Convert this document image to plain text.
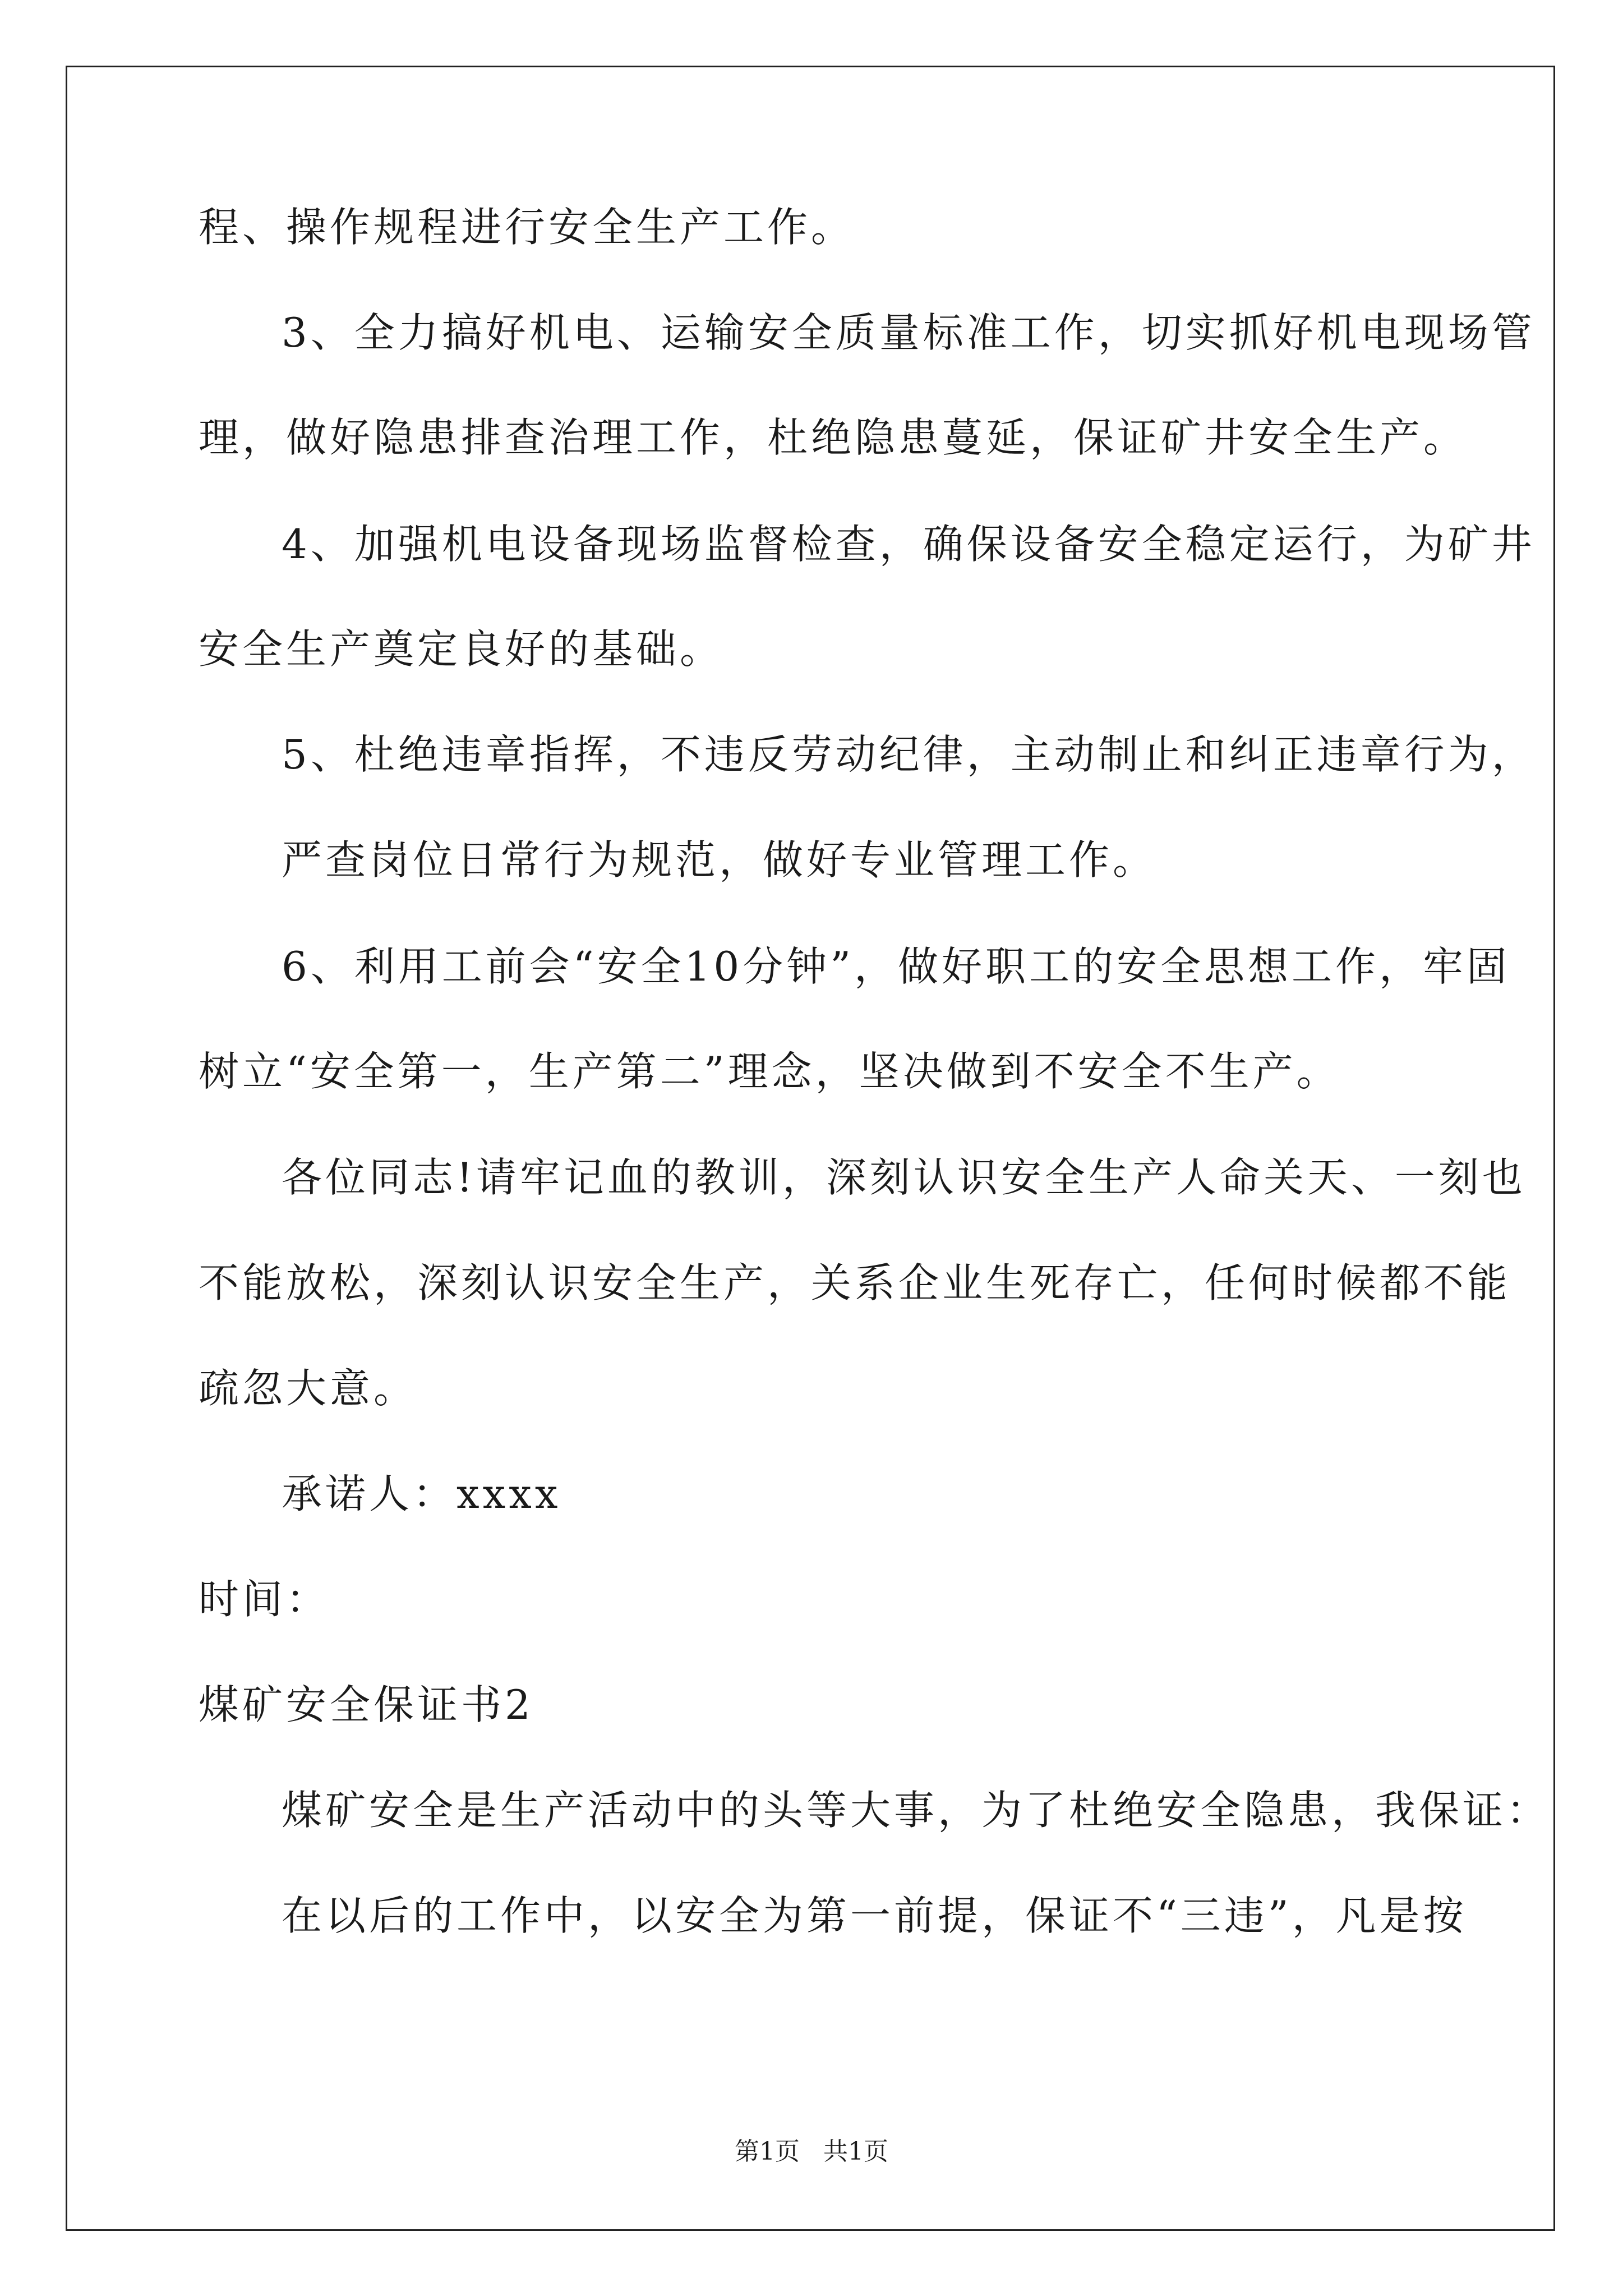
程、操作规程进行安全生产工作。
3、全力搞好机电、运输安全质量标准工作，切实抓好机电现场管
理，做好隐患排查治理工作，杜绝隐患蔓延，保证矿井安全生产。
4、加强机电设备现场监督检查，确保设备安全稳定运行，为矿井
安全生产奠定良好的基础。
5、杜绝违章指挥，不违反劳动纪律，主动制止和纠正违章行为，
严查岗位日常行为规范，做好专业管理工作。
6、利用工前会“安全10分钟”，做好职工的安全思想工作，牢固
树立“安全第一，生产第二”理念，坚决做到不安全不生产。
各位同志!请牢记血的教训，深刻认识安全生产人命关天、一刻也
不能放松，深刻认识安全生产，关系企业生死存亡，任何时候都不能
疏忽大意。
承诺人：xxxx
时间：
煤矿安全保证书2
煤矿安全是生产活动中的头等大事，为了杜绝安全隐患，我保证：
在以后的工作中，以安全为第一前提，保证不“三违”，凡是按
第1页 共1页
